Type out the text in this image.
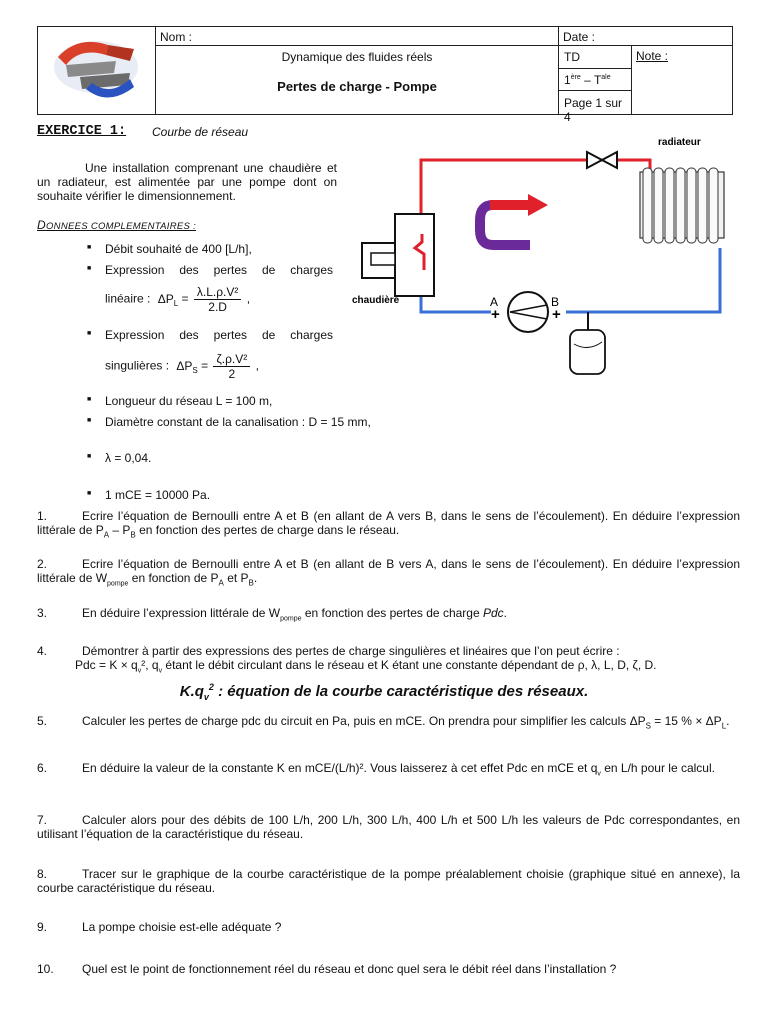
Nom :	Date :
Dynamique des fluides réels
Pertes de charge - Pompe
TD
$1ère - T^{ale}$
Page 1 sur 4
Note :
EXERCICE 1: Courbe de réseau
Une installation comprenant une chaudière et un radiateur, est alimentée par une pompe dont on souhaite vérifier le dimensionnement.
DONNEES COMPLEMENTAIRES :
■ Débit souhaité de 400 [L/h],
■ Expression des pertes de charges
linéaire : $\Delta P_L = \frac{\text{λ.L.ρ.V²}}{2.D}$ ,
■ Expression des pertes de charges
singulières : $\Delta P_S = \frac{\text{ζ.ρ.V²}}{2}$ ,
■ Longueur du réseau L = 100 m,
■ Diamètre constant de la canalisation : D = 15 mm,
■ λ = 0,04.
■ 1 mCE = 10000 Pa.
radiateur
chaudière	A	B
+	+
1.	Ecrire l’équation de Bernoulli entre A et B (en allant de A vers B, dans le sens de l’écoulement). En déduire l’expression littérale de $P_A - P_B$ en fonction des pertes de charge dans le réseau.
2.	Ecrire l’équation de Bernoulli entre A et B (en allant de B vers A, dans le sens de l’écoulement). En déduire l’expression littérale de $W_{pompe}$ en fonction de $P_A$ et $P_B$.
3.	En déduire l’expression littérale de $W_{pompe}$ en fonction des pertes de charge Pdc.
4.	Démontrer à partir des expressions des pertes de charge singulières et linéaires que l’on peut écrire :
Pdc = $K \times q_v^2$, $q_v$ étant le débit circulant dans le réseau et K étant une constante dépendant de ρ, λ, L, D, ζ, D.
$K.q_v^2$ : équation de la courbe caractéristique des réseaux.
5.	Calculer les pertes de charge pdc du circuit en Pa, puis en mCE. On prendra pour simplifier les calculs $\Delta P_S = 15$ % × $\Delta P_L$.
6.	En déduire la valeur de la constante K en mCE/(L/h)². Vous laisserez à cet effet Pdc en mCE et $q_v$ en L/h pour le calcul.
7.	Calculer alors pour des débits de 100 L/h, 200 L/h, 300 L/h, 400 L/h et 500 L/h les valeurs de Pdc correspondantes, en utilisant l’équation de la caractéristique du réseau.
8.	Tracer sur le graphique de la courbe caractéristique de la pompe préalablement choisie (graphique situé en annexe), la courbe caractéristique du réseau.
9.	La pompe choisie est-elle adéquate ?
10.	Quel est le point de fonctionnement réel du réseau et donc quel sera le débit réel dans l’installation ?
